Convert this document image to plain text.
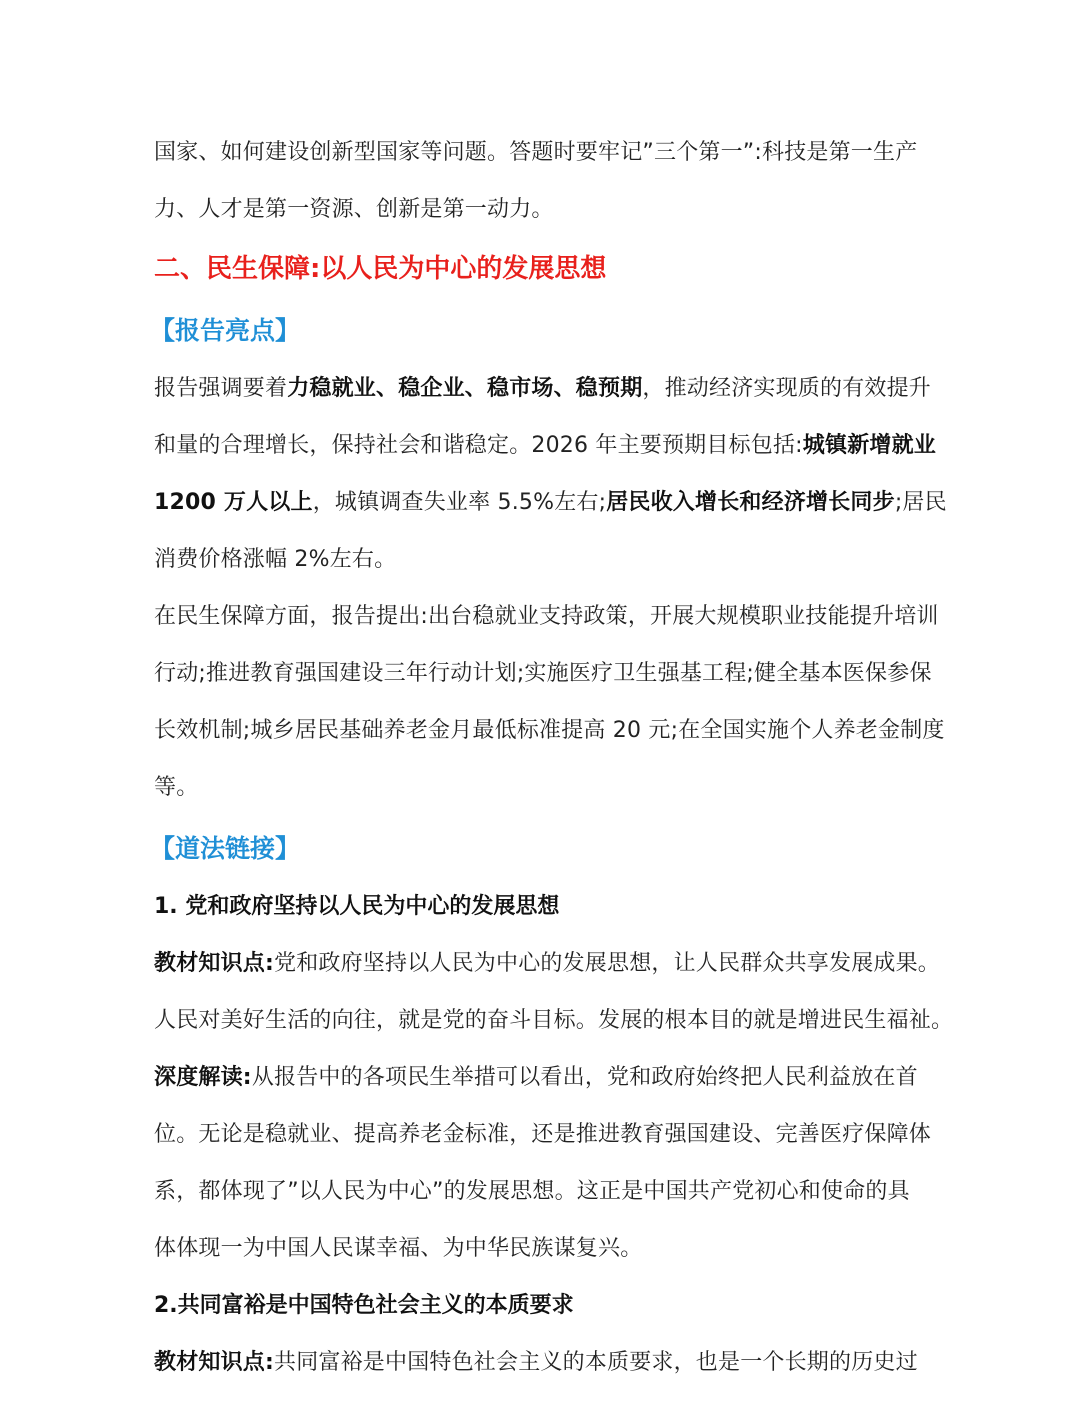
国家、如何建设创新型国家等问题。答题时要牢记”三个第一”:科技是第一生产
力、人才是第一资源、创新是第一动力。
二、民生保障:以人民为中心的发展思想
【报告亮点】
报告强调要着力稳就业、稳企业、稳市场、稳预期，推动经济实现质的有效提升
和量的合理增长，保持社会和谐稳定。2026 年主要预期目标包括:城镇新增就业
1200 万人以上，城镇调查失业率 5.5%左右;居民收入增长和经济增长同步;居民
消费价格涨幅 2%左右。
在民生保障方面，报告提出:出台稳就业支持政策，开展大规模职业技能提升培训
行动;推进教育强国建设三年行动计划;实施医疗卫生强基工程;健全基本医保参保
长效机制;城乡居民基础养老金月最低标准提高 20 元;在全国实施个人养老金制度
等。
【道法链接】
1. 党和政府坚持以人民为中心的发展思想
教材知识点:党和政府坚持以人民为中心的发展思想，让人民群众共享发展成果。
人民对美好生活的向往，就是党的奋斗目标。发展的根本目的就是增进民生福祉。
深度解读:从报告中的各项民生举措可以看出，党和政府始终把人民利益放在首
位。无论是稳就业、提高养老金标准，还是推进教育强国建设、完善医疗保障体
系，都体现了”以人民为中心”的发展思想。这正是中国共产党初心和使命的具
体体现一为中国人民谋幸福、为中华民族谋复兴。
2.共同富裕是中国特色社会主义的本质要求
教材知识点:共同富裕是中国特色社会主义的本质要求，也是一个长期的历史过
